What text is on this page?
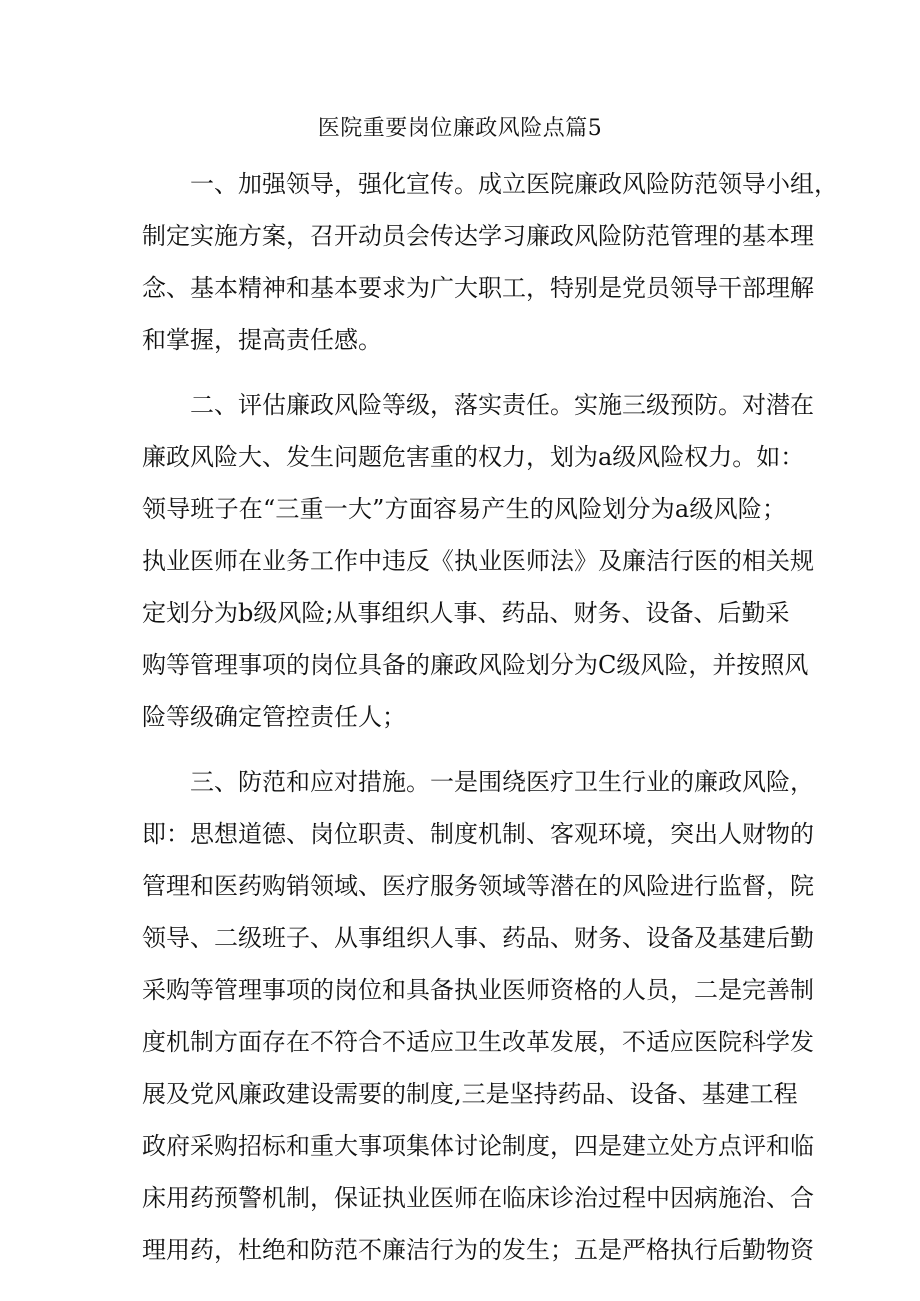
医院重要岗位廉政风险点篇5
一、加强领导，强化宣传。成立医院廉政风险防范领导小组，
制定实施方案，召开动员会传达学习廉政风险防范管理的基本理
念、基本精神和基本要求为广大职工，特别是党员领导干部理解
和掌握，提高责任感。
二、评估廉政风险等级，落实责任。实施三级预防。对潜在
廉政风险大、发生问题危害重的权力，划为a级风险权力。如：
领导班子在“三重一大”方面容易产生的风险划分为a级风险；
执业医师在业务工作中违反《执业医师法》及廉洁行医的相关规
定划分为b级风险;从事组织人事、药品、财务、设备、后勤采
购等管理事项的岗位具备的廉政风险划分为C级风险，并按照风
险等级确定管控责任人；
三、防范和应对措施。一是围绕医疗卫生行业的廉政风险，
即：思想道德、岗位职责、制度机制、客观环境，突出人财物的
管理和医药购销领域、医疗服务领域等潜在的风险进行监督，院
领导、二级班子、从事组织人事、药品、财务、设备及基建后勤
采购等管理事项的岗位和具备执业医师资格的人员，二是完善制
度机制方面存在不符合不适应卫生改革发展，不适应医院科学发
展及党风廉政建设需要的制度,三是坚持药品、设备、基建工程
政府采购招标和重大事项集体讨论制度，四是建立处方点评和临
床用药预警机制，保证执业医师在临床诊治过程中因病施治、合
理用药，杜绝和防范不廉洁行为的发生；五是严格执行后勤物资
